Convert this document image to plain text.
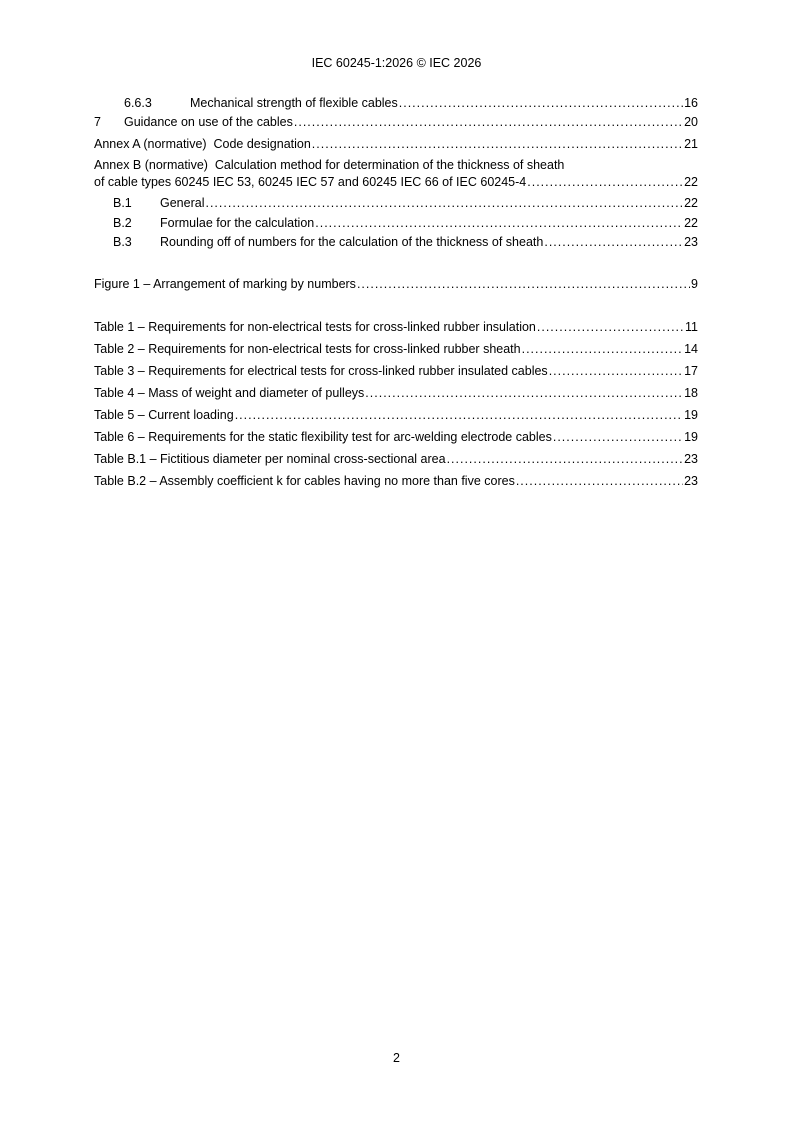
IEC 60245-1:2026 © IEC 2026
6.6.3	Mechanical strength of flexible cables .....	16
7	Guidance on use of the cables .....	20
Annex A (normative)  Code designation .....	21
Annex B (normative)  Calculation method for determination of the thickness of sheath
of cable types 60245 IEC 53, 60245 IEC 57 and 60245 IEC 66 of IEC 60245-4 .....	22
B.1	General .....	22
B.2	Formulae for the calculation .....	22
B.3	Rounding off of numbers for the calculation of the thickness of sheath .....	23
Figure 1 – Arrangement of marking by numbers .....	9
Table 1 – Requirements for non-electrical tests for cross-linked rubber insulation .....	11
Table 2 – Requirements for non-electrical tests for cross-linked rubber sheath .....	14
Table 3 – Requirements for electrical tests for cross-linked rubber insulated cables .....	17
Table 4 – Mass of weight and diameter of pulleys .....	18
Table 5 – Current loading .....	19
Table 6 – Requirements for the static flexibility test for arc-welding electrode cables .....	19
Table B.1 – Fictitious diameter per nominal cross-sectional area .....	23
Table B.2 – Assembly coefficient k for cables having no more than five cores .....	23
2
